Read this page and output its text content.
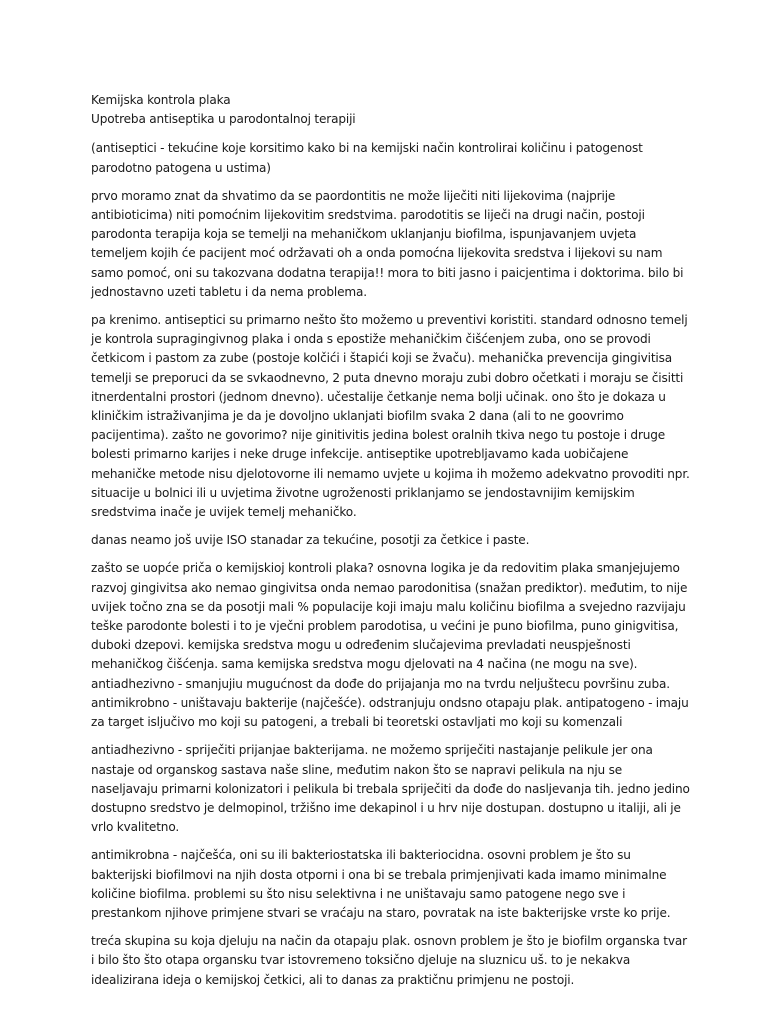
Kemijska kontrola plaka
Upotreba antiseptika u parodontalnoj terapiji

(antiseptici - tekućine koje korsitimo kako bi na kemijski način kontrolirai količinu i patogenost parodotno patogena u ustima)

prvo moramo znat da shvatimo da se paordontitis ne može liječiti niti lijekovima (najprije antibioticima) niti pomoćnim lijekovitim sredstvima. parodotitis se liječi na drugi način, postoji parodonta terapija koja se temelji na mehaničkom uklanjanju biofilma, ispunjavanjem uvjeta temeljem kojih će pacijent moć održavati oh a onda pomoćna lijekovita sredstva i lijekovi su nam samo pomoć, oni su takozvana dodatna terapija!! mora to biti jasno i paicjentima i doktorima. bilo bi jednostavno uzeti tabletu i da nema problema.

pa krenimo. antiseptici su primarno nešto što možemo u preventivi koristiti. standard odnosno temelj je kontrola supragingivnog plaka i onda s epostiže mehaničkim čišćenjem zuba, ono se provodi četkicom i pastom za zube (postoje kolčići i štapići koji se žvaču). mehanička prevencija gingivitisa temelji se preporuci da se svkaodnevno, 2 puta dnevno moraju zubi dobro očetkati i moraju se čisitti itnerdentalni prostori (jednom dnevno). učestalije četkanje nema bolji učinak. ono što je dokaza u kliničkim istraživanjima je da je dovoljno uklanjati biofilm svaka 2 dana (ali to ne goovrimo pacijentima). zašto ne govorimo? nije ginitivitis jedina bolest oralnih tkiva nego tu postoje i druge bolesti primarno karijes i neke druge infekcije. antiseptike upotrebljavamo kada uobičajene mehaničke metode nisu djelotovorne ili nemamo uvjete u kojima ih možemo adekvatno provoditi npr. situacije u bolnici ili u uvjetima životne ugroženosti priklanjamo se jendostavnijim kemijskim sredstvima inače je uvijek temelj mehaničko.

danas neamo još uvije ISO stanadar za tekućine, posotji za četkice i paste.

zašto se uopće priča o kemijskioj kontroli plaka? osnovna logika je da redovitim plaka smanjejujemo razvoj gingivitsa ako nemao gingivitsa onda nemao parodonitisa (snažan prediktor). međutim, to nije uvijek točno zna se da posotji mali % populacije koji imaju malu količinu biofilma a svejedno razvijaju teške parodonte bolesti i to je vječni problem parodotisa, u većini je puno biofilma, puno ginigvitisa, duboki dzepovi. kemijska sredstva mogu u određenim slučajevima prevladati neuspješnosti mehaničkog čišćenja. sama kemijska sredstva mogu djelovati na 4 načina (ne mogu na sve). antiadhezivno - smanjujiu mugućnost da dođe do prijajanja mo na tvrdu neljuštecu površinu zuba. antimikrobno - uništavaju bakterije (najčešće). odstranjuju ondsno otapaju plak. antipatogeno - imaju za target isljučivo mo koji su patogeni, a trebali bi teoretski ostavljati mo koji su komenzali

antiadhezivno - spriječiti prijanjae bakterijama. ne možemo spriječiti nastajanje pelikule jer ona nastaje od organskog sastava naše sline, međutim nakon što se napravi pelikula na nju se naseljavaju primarni kolonizatori i pelikula bi trebala spriječiti da dođe do nasljevanja tih. jedno jedino dostupno sredstvo je delmopinol, tržišno ime dekapinol i u hrv nije dostupan. dostupno u italiji, ali je vrlo kvalitetno.

antimikrobna - najčešća, oni su ili bakteriostatska ili bakteriocidna. osovni problem je što su bakterijski biofilmovi na njih dosta otporni i ona bi se trebala primjenjivati kada imamo minimalne količine biofilma. problemi su što nisu selektivna i ne uništavaju samo patogene nego sve i prestankom njihove primjene stvari se vraćaju na staro, povratak na iste bakterijske vrste ko prije.

treća skupina su koja djeluju na način da otapaju plak. osnovn problem je što je biofilm organska tvar i bilo što što otapa organsku tvar istovremeno toksično djeluje na sluznicu uš. to je nekakva idealizirana ideja o kemijskoj četkici, ali to danas za praktičnu primjenu ne postoji.
